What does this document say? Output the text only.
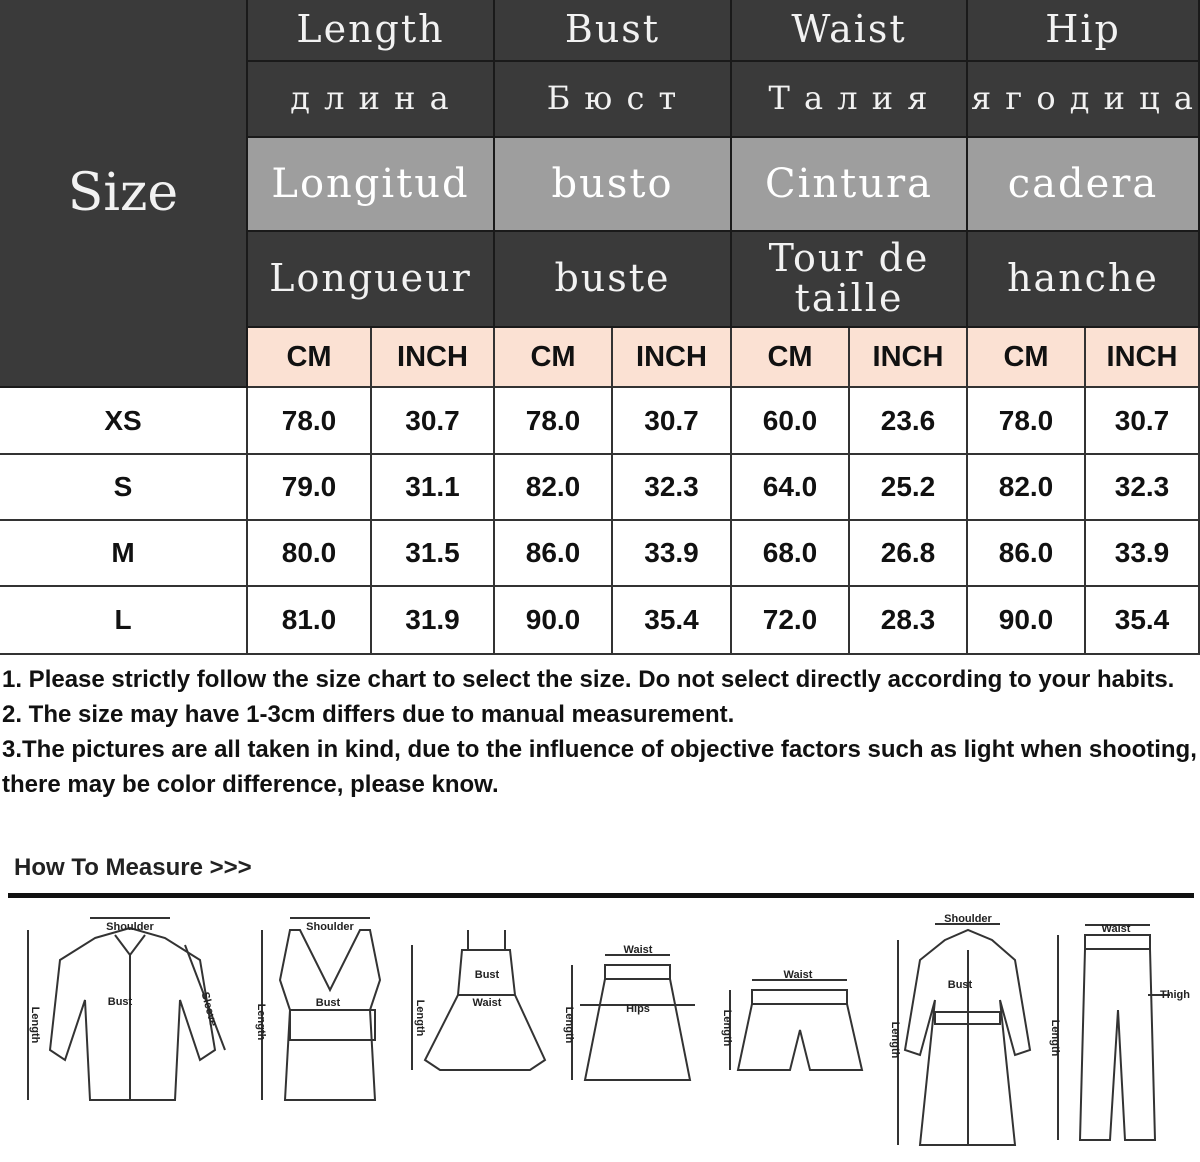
Size
Length
д л и н а
Longitud
Longueur
Bust
Б ю с т
busto
buste
Waist
Т а л и я
Cintura
Tour de taille
Hip
я г о д и ц а
cadera
hanche
CM	INCH	CM	INCH	CM	INCH	CM	INCH
XS	78.0	30.7	78.0	30.7	60.0	23.6	78.0	30.7
S	79.0	31.1	82.0	32.3	64.0	25.2	82.0	32.3
M	80.0	31.5	86.0	33.9	68.0	26.8	86.0	33.9
L	81.0	31.9	90.0	35.4	72.0	28.3	90.0	35.4

1. Please strictly follow the size chart to select the size. Do not select directly according to your habits.

2. The size may have 1-3cm differs due to manual measurement.

3.The pictures are all taken in kind, due to the influence of objective factors such as light when shooting, there may be color difference, please know.

How To Measure >>>
Shoulder
Bust	Sleeve
Length
Shoulder
Bust
Length
Bust
Waist
Length
Waist
Hips
Length
Waist
Length
Shoulder
Bust
Length
Waist
Thigh
Length
